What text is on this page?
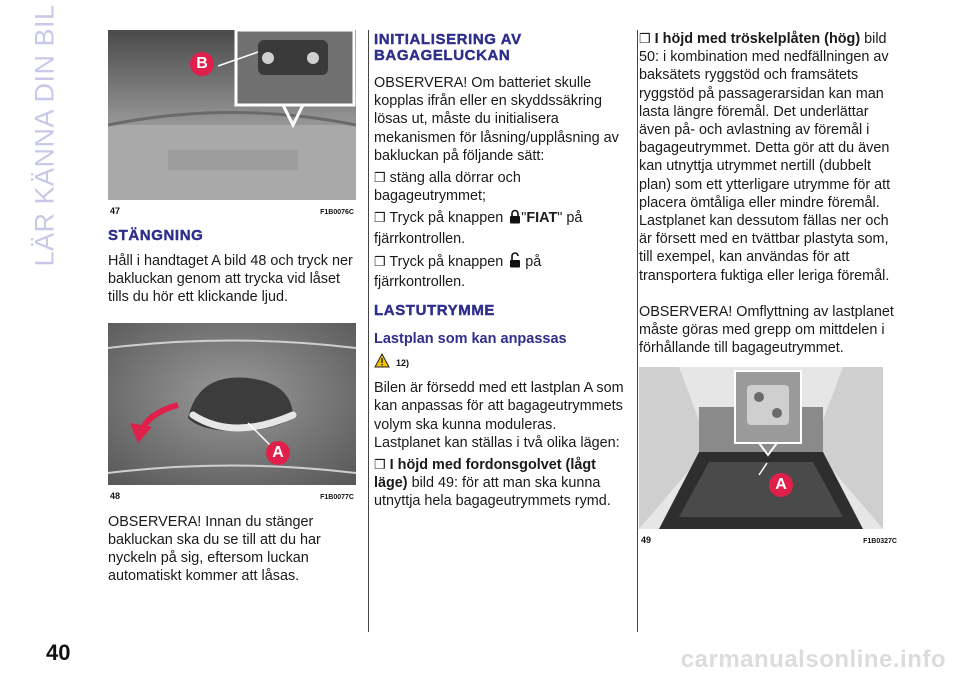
LÄR KÄNNA DIN BIL
40	carmanualsonline.info
B
47	F1B0076C
STÄNGNING

Håll i handtaget A bild 48 och tryck ner bakluckan genom att trycka vid låset tills du hör ett klickande ljud.

A
48	F1B0077C

OBSERVERA! Innan du stänger bakluckan ska du se till att du har nyckeln på sig, eftersom luckan automatiskt kommer att låsas.

INITIALISERING AV BAGAGELUCKAN

OBSERVERA! Om batteriet skulle kopplas ifrån eller en skyddssäkring lösas ut, måste du initialisera mekanismen för låsning/upplåsning av bakluckan på följande sätt:

❒ stäng alla dörrar och bagageutrymmet;
❒ Tryck på knappen "FIAT" på fjärrkontrollen.
❒ Tryck på knappen på fjärrkontrollen.
LASTUTRYMME
Lastplan som kan anpassas
12)

Bilen är försedd med ett lastplan A som kan anpassas för att bagageutrymmets volym ska kunna moduleras.

Lastplanet kan ställas i två olika lägen:

❒ I höjd med fordonsgolvet (lågt läge) bild 49: för att man ska kunna utnyttja hela bagageutrymmets rymd.
❒ I höjd med tröskelplåten (hög) bild 50: i kombination med nedfällningen av baksätets ryggstöd och framsätets ryggstöd på passagerarsidan kan man lasta längre föremål. Det underlättar även på- och avlastning av föremål i bagageutrymmet. Detta gör att du även kan utnyttja utrymmet nertill (dubbelt plan) som ett ytterligare utrymme för att placera ömtåliga eller mindre föremål.

Lastplanet kan dessutom fällas ner och är försett med en tvättbar plastyta som, till exempel, kan användas för att transportera fuktiga eller leriga föremål.

OBSERVERA! Omflyttning av lastplanet måste göras med grepp om mittdelen i förhållande till bagageutrymmet.

A
49	F1B0327C
